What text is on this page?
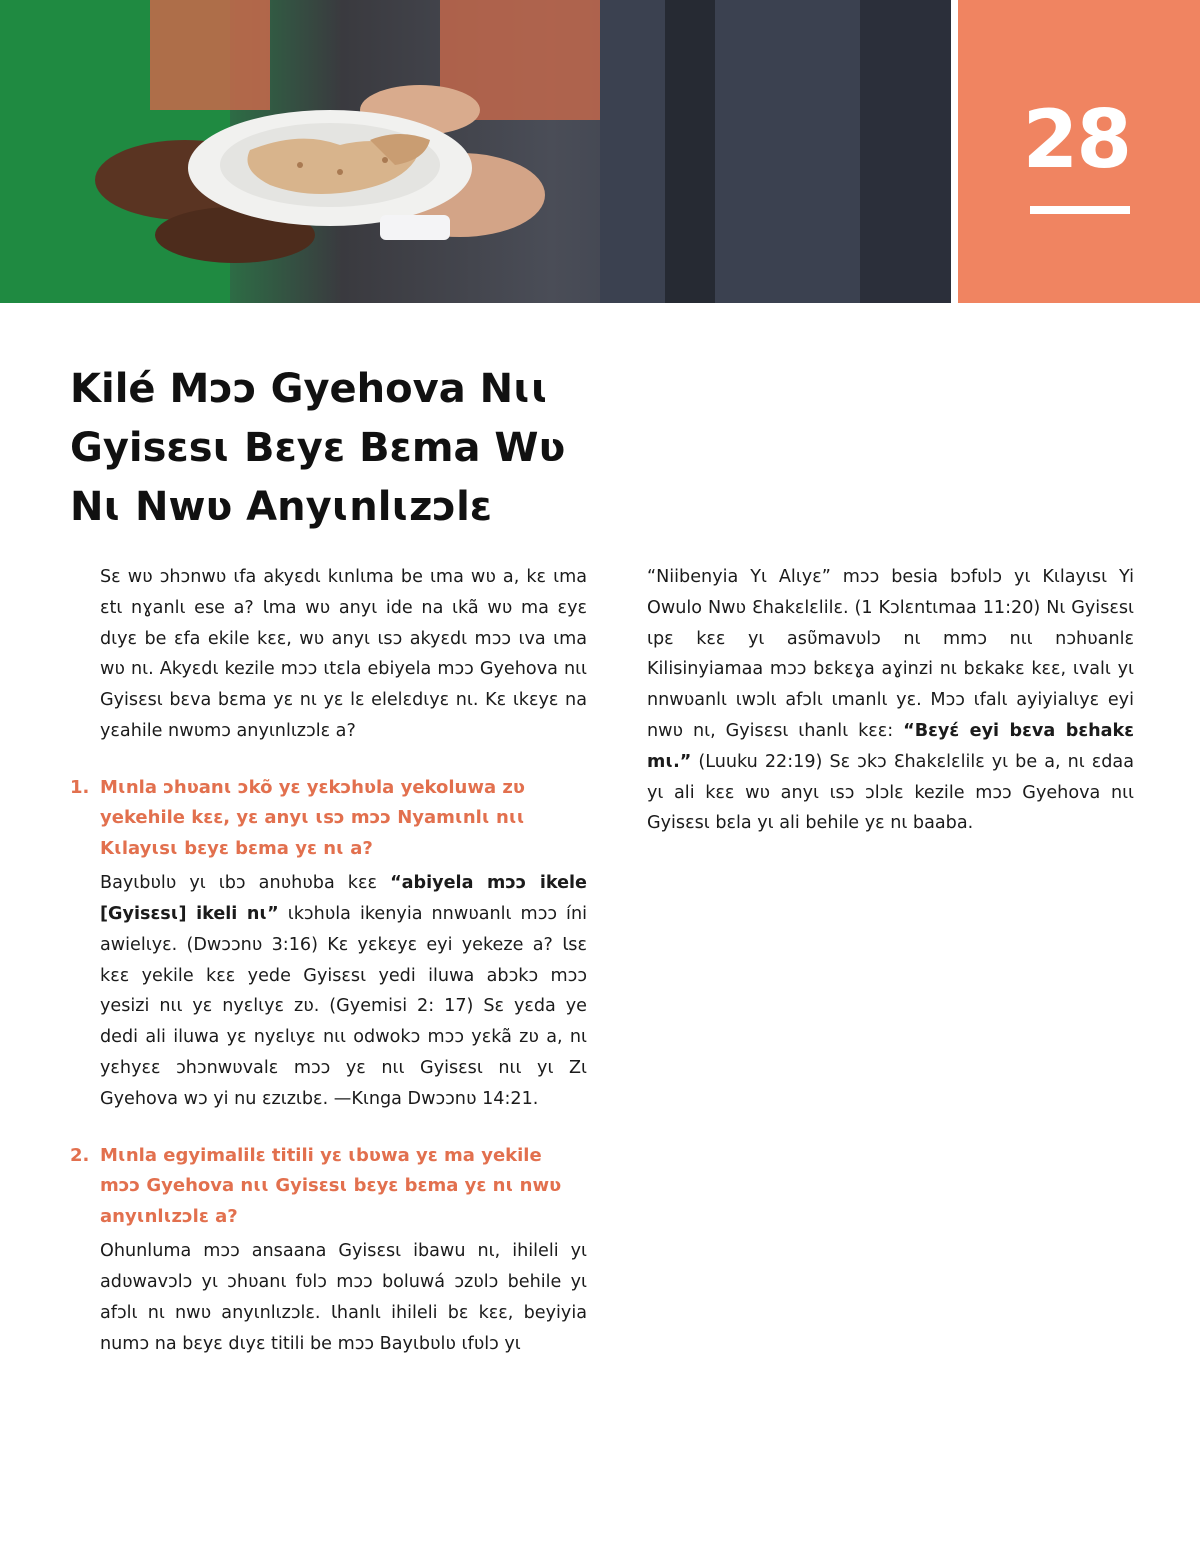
28
Kilé Mɔɔ Gyehova Nɩɩ
Gyisɛsɩ Bɛyɛ Bɛma Wʋ
Nɩ Nwʋ Anyɩnlɩzɔlɛ

Sɛ wʋ ɔhɔnwʋ ɩfa akyɛdɩ kɩnlɩma be ɩma wʋ a, kɛ ɩma ɛtɩ nɣanlɩ ese a? Ɩma wʋ anyɩ ide na ɩkã wʋ ma ɛyɛ dɩyɛ be ɛfa ekile kɛɛ, wʋ anyɩ ɩsɔ akyɛdɩ mɔɔ ɩva ɩma wʋ nɩ. Akyɛdɩ kezile mɔɔ ɩtɛla ebiyela mɔɔ Gyehova nɩɩ Gyisɛsɩ bɛva bɛma yɛ nɩ yɛ lɛ elelɛdɩyɛ nɩ. Kɛ ɩkɛyɛ na yɛahile nwʋmɔ anyɩnlɩzɔlɛ a?

1. Mɩnla ɔhʋanɩ ɔkõ yɛ yɛkɔhʋla yekoluwa zʋ yekehile kɛɛ, yɛ anyɩ ɩsɔ mɔɔ Nyamɩnlɩ nɩɩ Kɩlayɩsɩ bɛyɛ bɛma yɛ nɩ a?

Bayɩbʋlʋ yɩ ɩbɔ anʋhʋba kɛɛ “abiyela mɔɔ ikele [Gyisɛsɩ] ikeli nɩ” ɩkɔhʋla ikenyia nnwʋanlɩ mɔɔ íni awielɩyɛ. (Dwɔɔnʋ 3:16) Kɛ yɛkɛyɛ eyi yekeze a? Ɩsɛ kɛɛ yekile kɛɛ yede Gyisɛsɩ yedi iluwa abɔkɔ mɔɔ yesizi nɩɩ yɛ nyɛlɩyɛ zʋ. (Gyemisi 2: 17) Sɛ yɛda ye dedi ali iluwa yɛ nyɛlɩyɛ nɩɩ odwokɔ mɔɔ yɛkã zʋ a, nɩ yɛhyɛɛ ɔhɔnwʋvalɛ mɔɔ yɛ nɩɩ Gyisɛsɩ nɩɩ yɩ Zɩ Gyehova wɔ yi nu ɛzɩzɩbɛ. —Kɩnga Dwɔɔnʋ 14:21.

2. Mɩnla egyimalilɛ titili yɛ ɩbʋwa yɛ ma yekile mɔɔ Gyehova nɩɩ Gyisɛsɩ bɛyɛ bɛma yɛ nɩ nwʋ anyɩnlɩzɔlɛ a?

Ohunluma mɔɔ ansaana Gyisɛsɩ ibawu nɩ, ihileli yɩ adʋwavɔlɔ yɩ ɔhʋanɩ fʋlɔ mɔɔ boluwá ɔzʋlɔ behile yɩ afɔlɩ nɩ nwʋ anyɩnlɩzɔlɛ. Ɩhanlɩ ihileli bɛ kɛɛ, beyiyia numɔ na bɛyɛ dɩyɛ titili be mɔɔ Bayɩbʋlʋ ɩfʋlɔ yɩ

“Niibenyia Yɩ Alɩyɛ” mɔɔ besia bɔfʋlɔ yɩ Kɩlayɩsɩ Yi Owulo Nwʋ Ɛhakɛlɛlilɛ. (1 Kɔlɛntɩmaa 11:20) Nɩ Gyisɛsɩ ɩpɛ kɛɛ yɩ asʋ̃mavʋlɔ nɩ mmɔ nɩɩ nɔhʋanlɛ Kilisinyiamaa mɔɔ bɛkɛɣa aɣinzi nɩ bɛkakɛ kɛɛ, ɩvalɩ yɩ nnwʋanlɩ ɩwɔlɩ afɔlɩ ɩmanlɩ yɛ. Mɔɔ ɩfalɩ ayiyialɩyɛ eyi nwʋ nɩ, Gyisɛsɩ ɩhanlɩ kɛɛ: “Bɛyɛ́ eyi bɛva bɛhakɛ mɩ.” (Luuku 22:19) Sɛ ɔkɔ Ɛhakɛlɛlilɛ yɩ be a, nɩ ɛdaa yɩ ali kɛɛ wʋ anyɩ ɩsɔ ɔlɔlɛ kezile mɔɔ Gyehova nɩɩ Gyisɛsɩ bɛla yɩ ali behile yɛ nɩ baaba.
